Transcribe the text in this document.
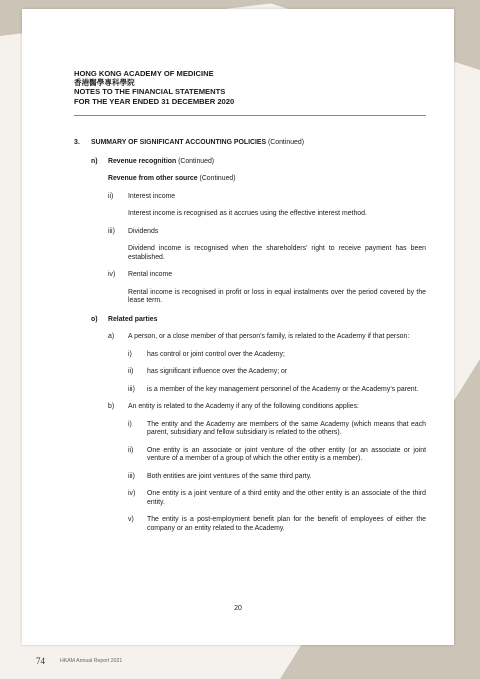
HONG KONG ACADEMY OF MEDICINE
香港醫學專科學院
NOTES TO THE FINANCIAL STATEMENTS
FOR THE YEAR ENDED 31 DECEMBER 2020
3. SUMMARY OF SIGNIFICANT ACCOUNTING POLICIES (Continued)
n) Revenue recognition (Continued)
Revenue from other source (Continued)
ii) Interest income
Interest income is recognised as it accrues using the effective interest method.
iii) Dividends
Dividend income is recognised when the shareholders’ right to receive payment has been established.
iv) Rental income
Rental income is recognised in profit or loss in equal instalments over the period covered by the lease term.
o) Related parties
a) A person, or a close member of that person’s family, is related to the Academy if that person:
i) has control or joint control over the Academy;
ii) has significant influence over the Academy; or
iii) is a member of the key management personnel of the Academy or the Academy’s parent.
b) An entity is related to the Academy if any of the following conditions applies:
i) The entity and the Academy are members of the same Academy (which means that each parent, subsidiary and fellow subsidiary is related to the others).
ii) One entity is an associate or joint venture of the other entity (or an associate or joint venture of a member of a group of which the other entity is a member).
iii) Both entities are joint ventures of the same third party.
iv) One entity is a joint venture of a third entity and the other entity is an associate of the third entity.
v) The entity is a post-employment benefit plan for the benefit of employees of either the company or an entity related to the Academy.
20
74	HKAM Annual Report 2021
